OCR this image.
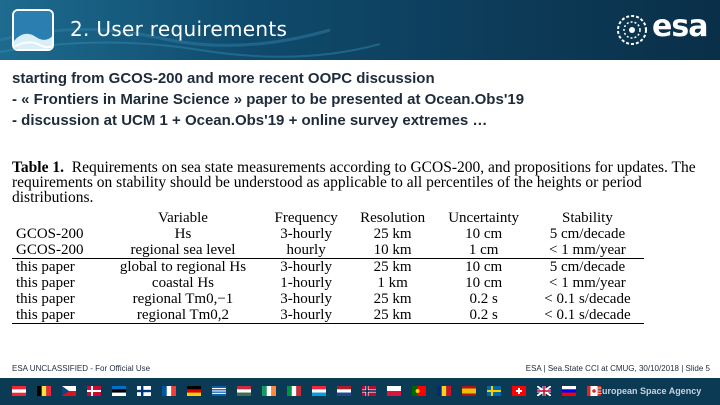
2. User requirements	esa
starting from GCOS-200 and more recent OOPC discussion
- « Frontiers in Marine Science » paper to be presented at Ocean.Obs'19
- discussion at UCM 1 + Ocean.Obs'19 + online survey extremes …
Table 1. Requirements on sea state measurements according to GCOS-200, and propositions for updates. The requirements on stability should be understood as applicable to all percentiles of the heights or period distributions.
	Variable	Frequency	Resolution	Uncertainty	Stability
GCOS-200	Hs	3-hourly	25 km	10 cm	5 cm/decade
GCOS-200	regional sea level	hourly	10 km	1 cm	< 1 mm/year
this paper	global to regional Hs	3-hourly	25 km	10 cm	5 cm/decade
this paper	coastal Hs	1-hourly	1 km	10 cm	< 1 mm/year
this paper	regional Tm0,−1	3-hourly	25 km	0.2 s	< 0.1 s/decade
this paper	regional Tm0,2	3-hourly	25 km	0.2 s	< 0.1 s/decade
ESA UNCLASSIFIED - For Official Use	ESA | Sea.State CCI at CMUG, 30/10/2018 | Slide 5
European Space Agency
